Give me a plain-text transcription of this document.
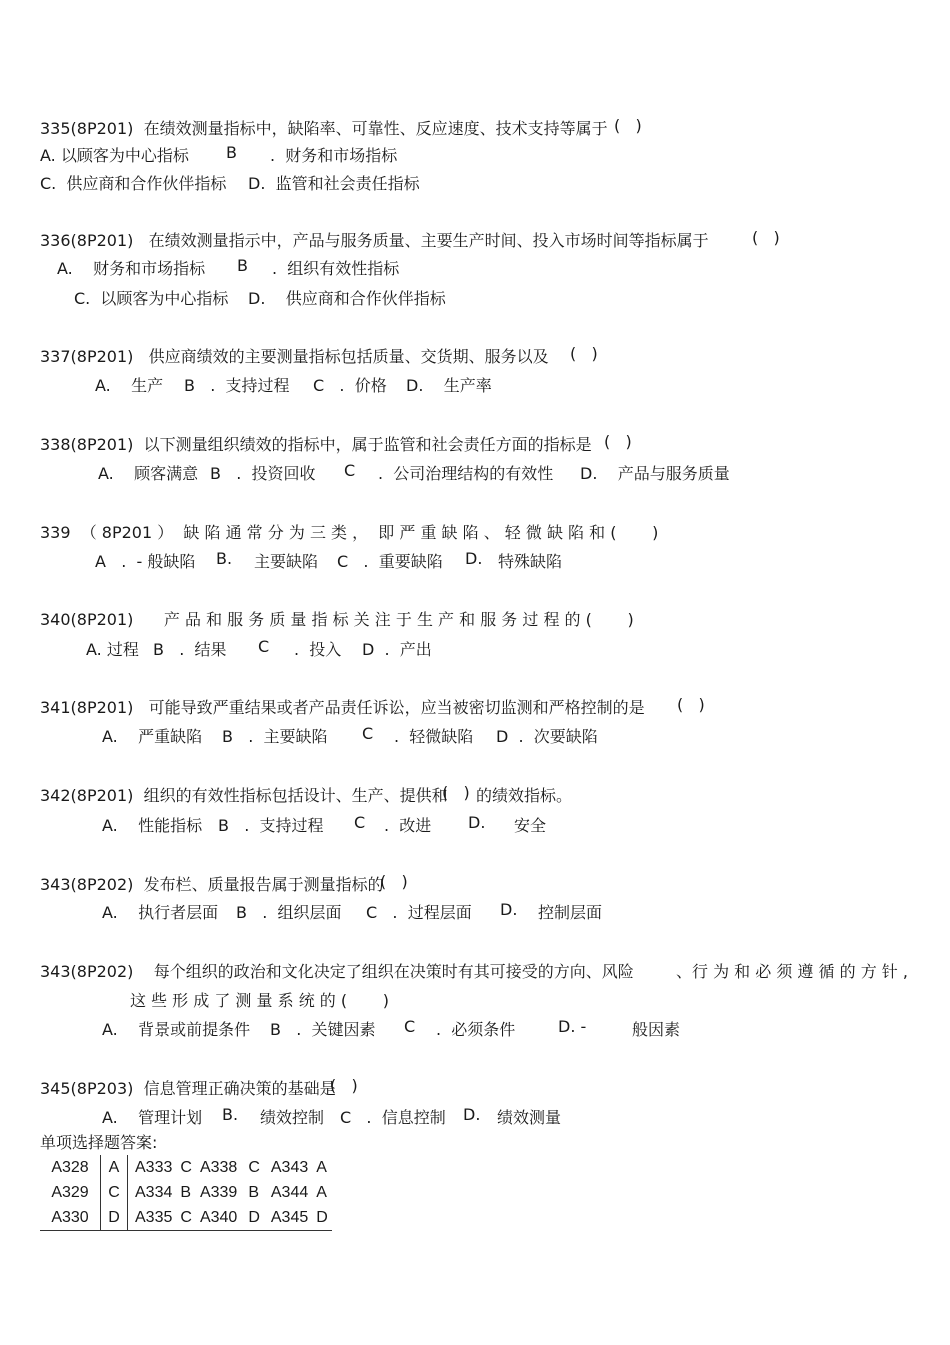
335(8P201)  在绩效测量指标中，缺陷率、可靠性、反应速度、技术支持等属于 (   )
A. 以顾客为中心指标 B .  财务和市场指标
C.  供应商和合作伙伴指标 D.  监管和社会责任指标
336(8P201)   在绩效测量指示中，产品与服务质量、主要生产时间、投入市场时间等指标属于	(   )
A.    财务和市场指标 B .  组织有效性指标
C.  以顾客为中心指标 D.    供应商和合作伙伴指标
337(8P201)   供应商绩效的主要测量指标包括质量、交货期、服务以及 (   )
A.    生产 B   .  支持过程 C   .  价格 D.    生产率
338(8P201)  以下测量组织绩效的指标中，属于监管和社会责任方面的指标是 (   )
A.    顾客满意 B   .  投资回收 C .  公司治理结构的有效性 D.    产品与服务质量
339  （ 8P201 ）  缺 陷 通 常 分 为 三 类 ，  即 严 重 缺 陷 、 轻 微 缺 陷 和 (       )
A   .  - 般缺陷 B. 主要缺陷 C   .  重要缺陷 D. 特殊缺陷
340(8P201)      产 品 和 服 务 质 量 指 标 关 注 于 生 产 和 服 务 过 程 的 (       )
A. 过程 B   .  结果 C .  投入 D  .  产出
341(8P201)   可能导致严重结果或者产品责任诉讼，应当被密切监测和严格控制的是 (   )
A.    严重缺陷 B   .  主要缺陷 C .  轻微缺陷 D  .  次要缺陷
342(8P201)  组织的有效性指标包括设计、生产、提供和
(   ) 的绩效指标。
A.    性能指标 B   .  支持过程 C .  改进 D. 安全
343(8P202)  发布栏、质量报告属于测量指标的
(   )
A.    执行者层面 B   .  组织层面 C   .  过程层面 D. 控制层面
343(8P202)    每个组织的政治和文化决定了组织在决策时有其可接受的方向、风险	、行 为 和 必 须 遵 循 的 方 针 ,
这 些 形 成 了 测 量 系 统 的 (       )
A.    背景或前提条件 B   .  关键因素 C .  必须条件	D. -	般因素
345(8P203)  信息管理正确决策的基础是
(   )
A.    管理计划 B. 绩效控制 C   .  信息控制 D. 绩效测量
单项选择题答案:
A328	A	A333	C	A338	C	A343	A
A329	C	A334	B	A339	B	A344	A
A330	D	A335	C	A340	D	A345	D
